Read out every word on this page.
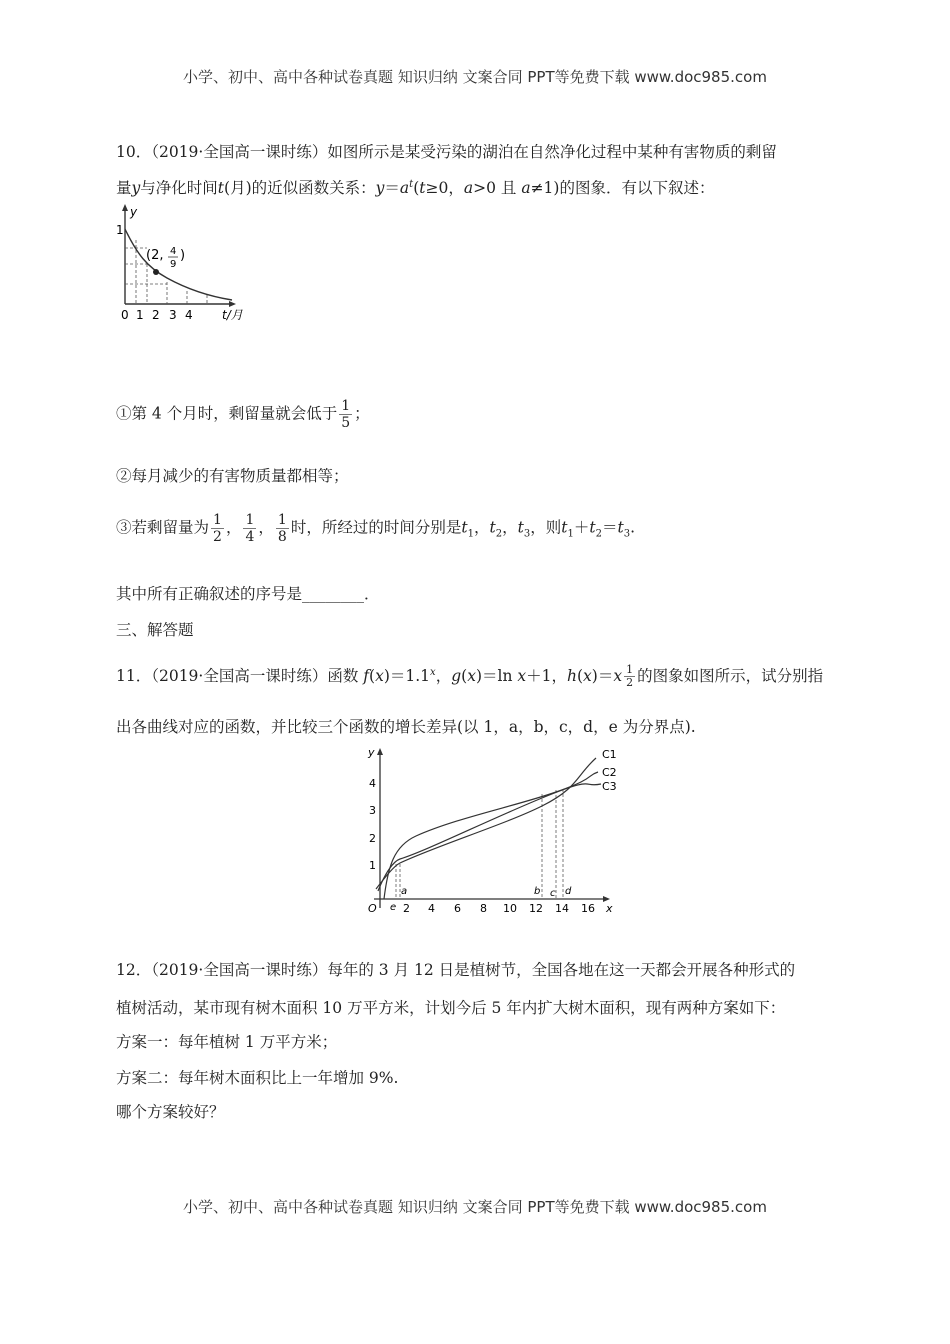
小学、初中、高中各种试卷真题 知识归纳 文案合同 PPT等免费下载 www.doc985.com
10．（2019·全国高一课时练）如图所示是某受污染的湖泊在自然净化过程中某种有害物质的剩留
量y与净化时间t(月)的近似函数关系：$y=a^t(t\ge 0$，a>0 且 a≠1)的图象．有以下叙述：
y
1
(2, 4
9
)
0 1 2 3 4 t/月
①第 4 个月时，剩留量就会低于 $\frac{1}{5}$ ；
②每月减少的有害物质量都相等；
③若剩留量为 $\frac{1}{2}$ ， $\frac{1}{4}$ ， $\frac{1}{8}$ 时，所经过的时间分别是$t_1$，$t_2$，$t_3$，则$t_1+t_2=t_3$.
其中所有正确叙述的序号是________．
三、解答题
11．（2019·全国高一课时练）函数 $f(x)=1.1^x$，g(x)＝ln x＋1，$h(x)=x \frac{1}{2}$ 的图象如图所示，试分别指
出各曲线对应的函数，并比较三个函数的增长差异(以 1，a，b，c，d，e 为分界点).
C1
C2
C3
y
x
O
1
2
3
4
2 4 6 8 10 12 14 16
e
a	b c d
12．（2019·全国高一课时练）每年的 3 月 12 日是植树节，全国各地在这一天都会开展各种形式的
植树活动，某市现有树木面积 10 万平方米，计划今后 5 年内扩大树木面积，现有两种方案如下：
方案一：每年植树 1 万平方米；
方案二：每年树木面积比上一年增加 9%.
哪个方案较好？
小学、初中、高中各种试卷真题 知识归纳 文案合同 PPT等免费下载 www.doc985.com
